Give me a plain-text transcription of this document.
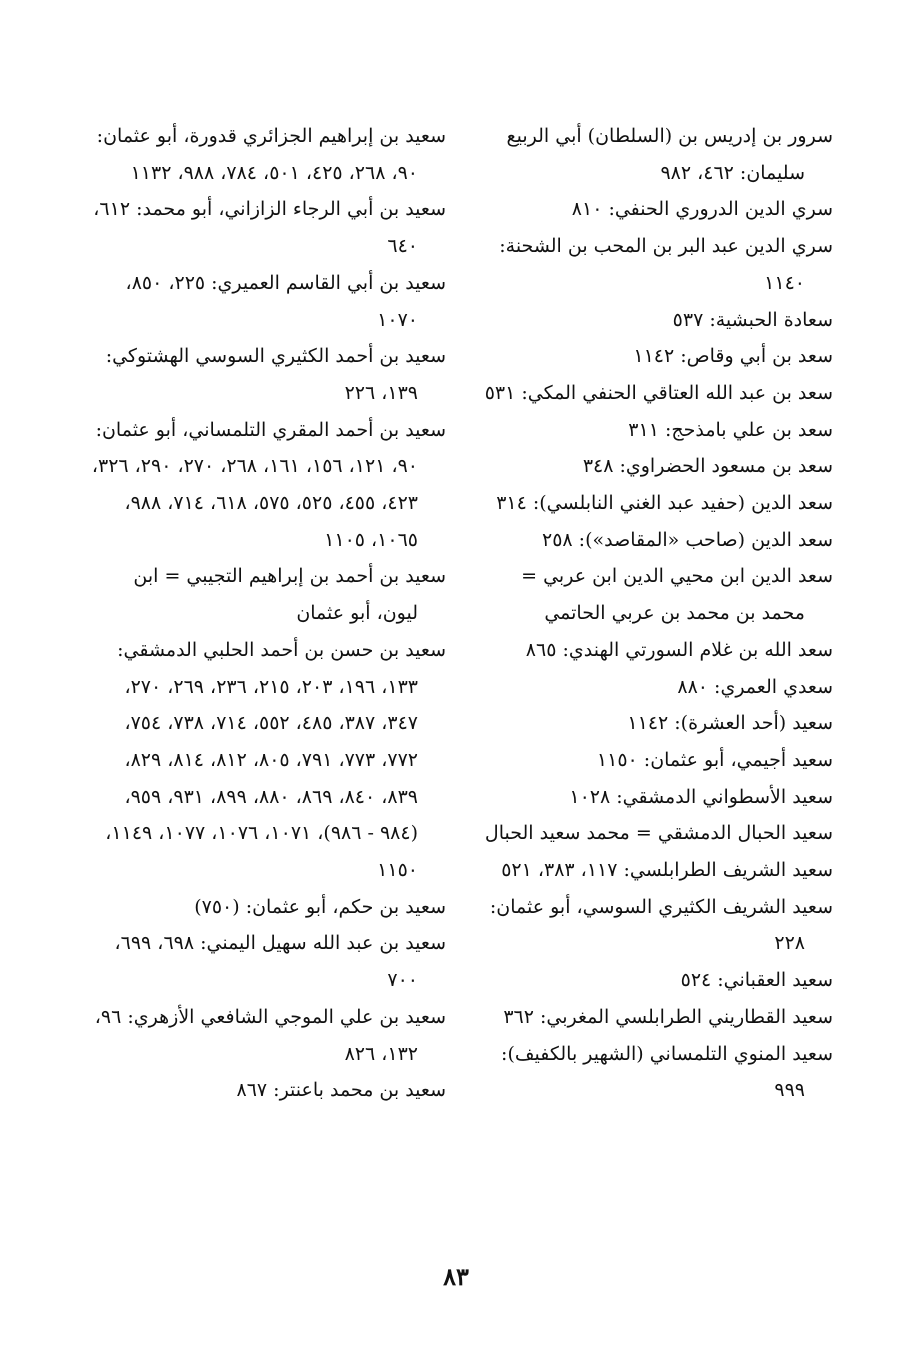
سرور بن إدريس بن (السلطان) أبي الربيع سليمان: ٤٦٢، ٩٨٢

سري الدين الدروري الحنفي: ٨١٠

سري الدين عبد البر بن المحب بن الشحنة: ١١٤٠

سعادة الحبشية: ٥٣٧

سعد بن أبي وقاص: ١١٤٢

سعد بن عبد الله العتاقي الحنفي المكي: ٥٣١

سعد بن علي بامذحج: ٣١١

سعد بن مسعود الحضراوي: ٣٤٨

سعد الدين (حفيد عبد الغني النابلسي): ٣١٤

سعد الدين (صاحب «المقاصد»): ٢٥٨

سعد الدين ابن محيي الدين ابن عربي = محمد بن محمد بن عربي الحاتمي

سعد الله بن غلام السورتي الهندي: ٨٦٥

سعدي العمري: ٨٨٠

سعيد (أحد العشرة): ١١٤٢

سعيد أجيمي، أبو عثمان: ١١٥٠

سعيد الأسطواني الدمشقي: ١٠٢٨

سعيد الحبال الدمشقي = محمد سعيد الحبال

سعيد الشريف الطرابلسي: ١١٧، ٣٨٣، ٥٢١

سعيد الشريف الكثيري السوسي، أبو عثمان: ٢٢٨

سعيد العقباني: ٥٢٤

سعيد القطاريني الطرابلسي المغربي: ٣٦٢

سعيد المنوي التلمساني (الشهير بالكفيف): ٩٩٩

سعيد بن إبراهيم الجزائري قدورة، أبو عثمان: ٩٠، ٢٦٨، ٤٢٥، ٥٠١، ٧٨٤، ٩٨٨، ١١٣٢

سعيد بن أبي الرجاء الزازاني، أبو محمد: ٦١٢، ٦٤٠

سعيد بن أبي القاسم العميري: ٢٢٥، ٨٥٠، ١٠٧٠

سعيد بن أحمد الكثيري السوسي الهشتوكي: ١٣٩، ٢٢٦

سعيد بن أحمد المقري التلمساني، أبو عثمان: ٩٠، ١٢١، ١٥٦، ١٦١، ٢٦٨، ٢٧٠، ٢٩٠، ٣٢٦، ٤٢٣، ٤٥٥، ٥٢٥، ٥٧٥، ٦١٨، ٧١٤، ٩٨٨، ١٠٦٥، ١١٠٥

سعيد بن أحمد بن إبراهيم التجيبي = ابن ليون، أبو عثمان

سعيد بن حسن بن أحمد الحلبي الدمشقي: ١٣٣، ١٩٦، ٢٠٣، ٢١٥، ٢٣٦، ٢٦٩، ٢٧٠، ٣٤٧، ٣٨٧، ٤٨٥، ٥٥٢، ٧١٤، ٧٣٨، ٧٥٤، ٧٧٢، ٧٧٣، ٧٩١، ٨٠٥، ٨١٢، ٨١٤، ٨٢٩، ٨٣٩، ٨٤٠، ٨٦٩، ٨٨٠، ٨٩٩، ٩٣١، ٩٥٩، (٩٨٤ - ٩٨٦)، ١٠٧١، ١٠٧٦، ١٠٧٧، ١١٤٩، ١١٥٠

سعيد بن حكم، أبو عثمان: (٧٥٠)

سعيد بن عبد الله سهيل اليمني: ٦٩٨، ٦٩٩، ٧٠٠

سعيد بن علي الموجي الشافعي الأزهري: ٩٦، ١٣٢، ٨٢٦

سعيد بن محمد باعنتر: ٨٦٧

٨٣
